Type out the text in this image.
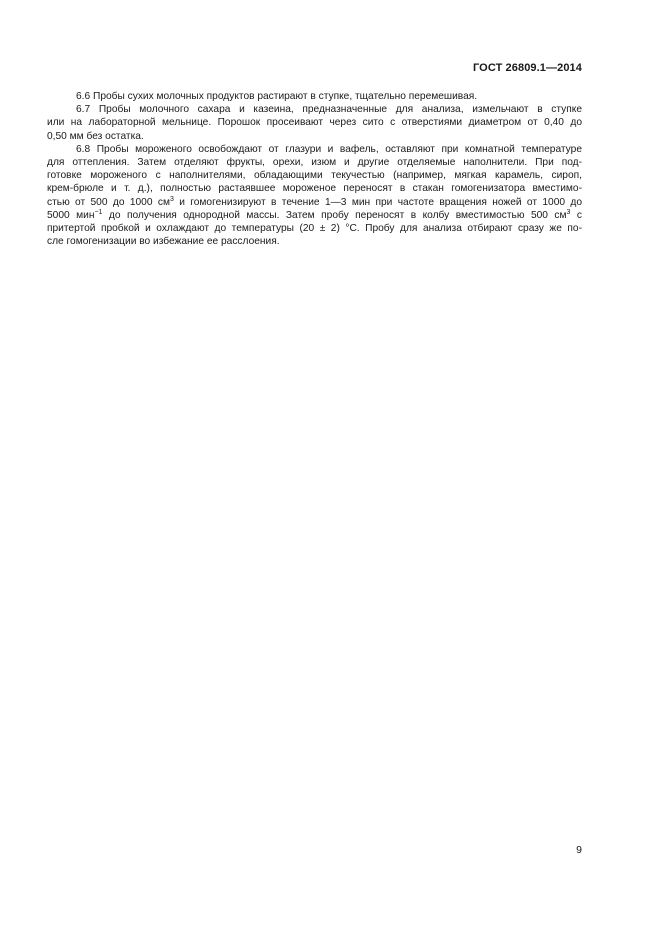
ГОСТ 26809.1—2014

6.6 Пробы сухих молочных продуктов растирают в ступке, тщательно перемешивая.

6.7 Пробы молочного сахара и казеина, предназначенные для анализа, измельчают в ступке
или на лабораторной мельнице. Порошок просеивают через сито с отверстиями диаметром от 0,40 до
0,50 мм без остатка.

6.8 Пробы мороженого освобождают от глазури и вафель, оставляют при комнатной температуре
для оттепления. Затем отделяют фрукты, орехи, изюм и другие отделяемые наполнители. При под-
готовке мороженого с наполнителями, обладающими текучестью (например, мягкая карамель, сироп,
крем-брюле и т. д.), полностью растаявшее мороженое переносят в стакан гомогенизатора вместимо-
стью от 500 до 1000 $см^3$ и гомогенизируют в течение 1—3 мин при частоте вращения ножей от 1000 до
5000 мин$^{-1}$ до получения однородной массы. Затем пробу переносят в колбу вместимостью 500 $см^3$ с
притертой пробкой и охлаждают до температуры (20 ± 2) °С. Пробу для анализа отбирают сразу же по-
сле гомогенизации во избежание ее расслоения.

9
